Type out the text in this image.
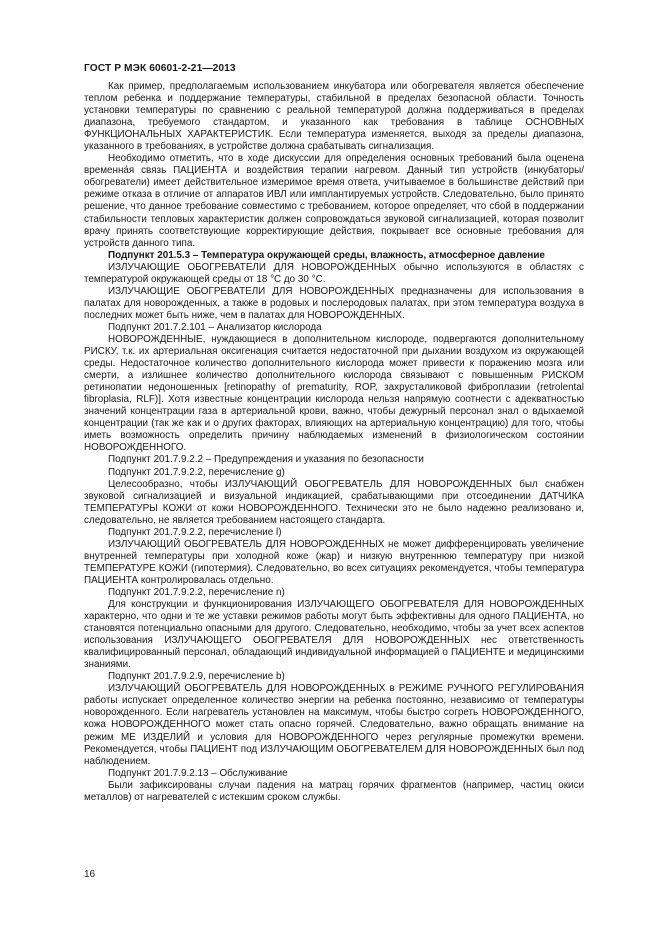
ГОСТ Р МЭК 60601-2-21—2013

Как пример, предполагаемым использованием инкубатора или обогревателя является обеспечение теплом ребенка и поддержание температуры, стабильной в пределах безопасной области. Точность установки температуры по сравнению с реальной температурой должна поддерживаться в пределах диапазона, требуемого стандартом, и указанного как требования в таблице ОСНОВНЫХ ФУНКЦИОНАЛЬНЫХ ХАРАКТЕРИСТИК. Если температура изменяется, выходя за пределы диапазона, указанного в требованиях, в устройстве должна срабатывать сигнализация.

Необходимо отметить, что в ходе дискуссии для определения основных требований была оценена временна́я связь ПАЦИЕНТА и воздействия терапии нагревом. Данный тип устройств (инкубаторы/обогреватели) имеет действительное измеримое время ответа, учитываемое в большинстве действий при режиме отказа в отличие от аппаратов ИВЛ или имплантируемых устройств. Следовательно, было принято решение, что данное требование совместимо с требованием, которое определяет, что сбой в поддержании стабильности тепловых характеристик должен сопровождаться звуковой сигнализацией, которая позволит врачу принять соответствующие корректирующие действия, покрывает все основные требования для устройств данного типа.

Подпункт 201.5.3 – Температура окружающей среды, влажность, атмосферное давление

ИЗЛУЧАЮЩИЕ ОБОГРЕВАТЕЛИ ДЛЯ НОВОРОЖДЕННЫХ обычно используются в областях с температурой окружающей среды от 18 °С до 30 °С.

ИЗЛУЧАЮЩИЕ ОБОГРЕВАТЕЛИ ДЛЯ НОВОРОЖДЕННЫХ предназначены для использования в палатах для новорожденных, а также в родовых и послеродовых палатах, при этом температура воздуха в последних может быть ниже, чем в палатах для НОВОРОЖДЕННЫХ.

Подпункт 201.7.2.101 – Анализатор кислорода

НОВОРОЖДЕННЫЕ, нуждающиеся в дополнительном кислороде, подвергаются дополнительному РИСКУ, т.к. их артериальная оксигенация считается недостаточной при дыхании воздухом из окружающей среды. Недостаточное количество дополнительного кислорода может привести к поражению мозга или смерти, а излишнее количество дополнительного кислорода связывают с повышенным РИСКОМ ретинопатии недоношенных [retinopathy of prematurity, ROP, захрусталиковой фиброплазии (retrolental fibroplasia, RLF)]. Хотя известные концентрации кислорода нельзя напрямую соотнести с адекватностью значений концентрации газа в артериальной крови, важно, чтобы дежурный персонал знал о вдыхаемой концентрации (так же как и о других факторах, влияющих на артериальную концентрацию) для того, чтобы иметь возможность определить причину наблюдаемых изменений в физиологическом состоянии НОВОРОЖДЕННОГО.

Подпункт 201.7.9.2.2 – Предупреждения и указания по безопасности

Подпункт 201.7.9.2.2, перечисление g)

Целесообразно, чтобы ИЗЛУЧАЮЩИЙ ОБОГРЕВАТЕЛЬ ДЛЯ НОВОРОЖДЕННЫХ был снабжен звуковой сигнализацией и визуальной индикацией, срабатывающими при отсоединении ДАТЧИКА ТЕМПЕРАТУРЫ КОЖИ от кожи НОВОРОЖДЕННОГО. Технически это не было надежно реализовано и, следовательно, не является требованием настоящего стандарта.

Подпункт 201.7.9.2.2, перечисление l)

ИЗЛУЧАЮЩИЙ ОБОГРЕВАТЕЛЬ ДЛЯ НОВОРОЖДЕННЫХ не может дифференцировать увеличение внутренней температуры при холодной коже (жар) и низкую внутреннюю температуру при низкой ТЕМПЕРАТУРЕ КОЖИ (гипотермия). Следовательно, во всех ситуациях рекомендуется, чтобы температура ПАЦИЕНТА контролировалась отдельно.

Подпункт 201.7.9.2.2, перечисление n)

Для конструкции и функционирования ИЗЛУЧАЮЩЕГО ОБОГРЕВАТЕЛЯ ДЛЯ НОВОРОЖДЕННЫХ характерно, что одни и те же уставки режимов работы могут быть эффективны для одного ПАЦИЕНТА, но становятся потенциально опасными для другого. Следовательно, необходимо, чтобы за учет всех аспектов использования ИЗЛУЧАЮЩЕГО ОБОГРЕВАТЕЛЯ ДЛЯ НОВОРОЖДЕННЫХ нес ответственность квалифицированный персонал, обладающий индивидуальной информацией о ПАЦИЕНТЕ и медицинскими знаниями.

Подпункт 201.7.9.2.9, перечисление b)

ИЗЛУЧАЮЩИЙ ОБОГРЕВАТЕЛЬ ДЛЯ НОВОРОЖДЕННЫХ в РЕЖИМЕ РУЧНОГО РЕГУЛИРОВАНИЯ работы испускает определенное количество энергии на ребенка постоянно, независимо от температуры новорожденного. Если нагреватель установлен на максимум, чтобы быстро согреть НОВОРОЖДЕННОГО, кожа НОВОРОЖДЕННОГО может стать опасно горячей. Следовательно, важно обращать внимание на режим МЕ ИЗДЕЛИЙ и условия для НОВОРОЖДЕННОГО через регулярные промежутки времени. Рекомендуется, чтобы ПАЦИЕНТ под ИЗЛУЧАЮЩИМ ОБОГРЕВАТЕЛЕМ ДЛЯ НОВОРОЖДЕННЫХ был под наблюдением.

Подпункт 201.7.9.2.13 – Обслуживание

Были зафиксированы случаи падения на матрац горячих фрагментов (например, частиц окиси металлов) от нагревателей с истекшим сроком службы.

16
